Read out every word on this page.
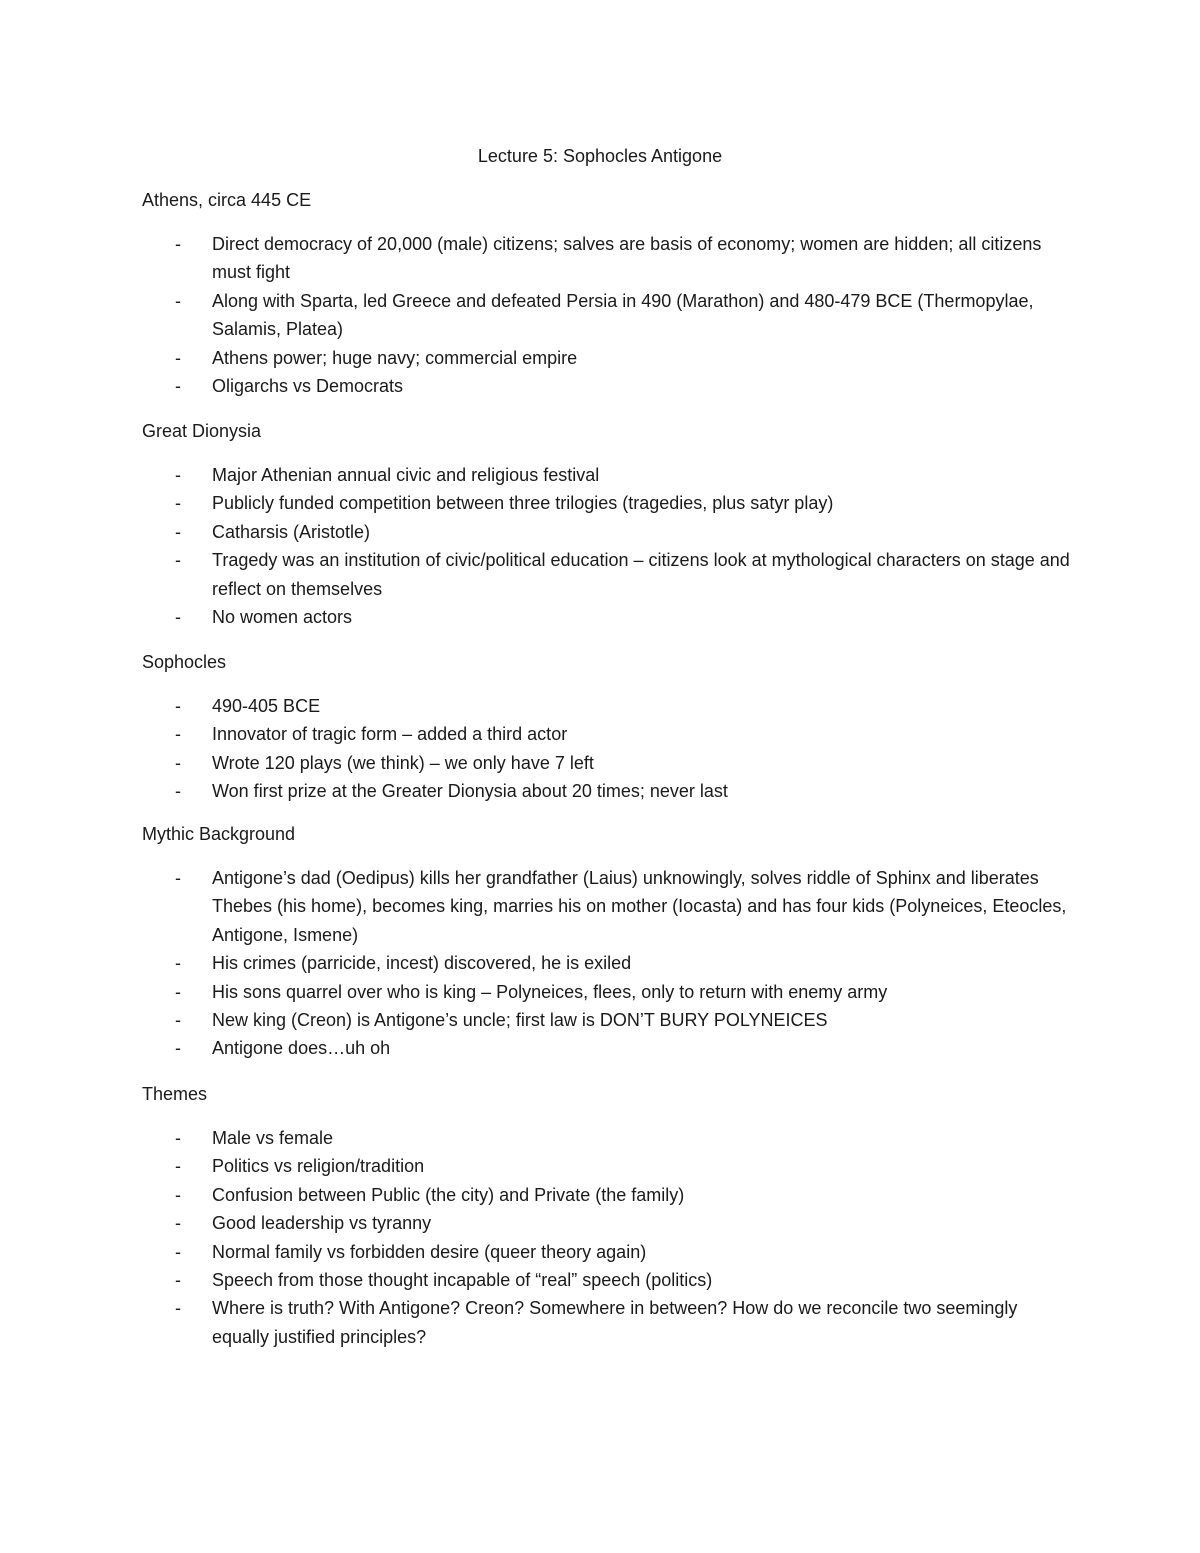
Lecture 5: Sophocles Antigone

Athens, circa 445 CE

- Direct democracy of 20,000 (male) citizens; salves are basis of economy; women are hidden; all citizens must fight
- Along with Sparta, led Greece and defeated Persia in 490 (Marathon) and 480-479 BCE (Thermopylae, Salamis, Platea)
- Athens power; huge navy; commercial empire
- Oligarchs vs Democrats

Great Dionysia

- Major Athenian annual civic and religious festival
- Publicly funded competition between three trilogies (tragedies, plus satyr play)
- Catharsis (Aristotle)
- Tragedy was an institution of civic/political education – citizens look at mythological characters on stage and reflect on themselves
- No women actors

Sophocles

- 490-405 BCE
- Innovator of tragic form – added a third actor
- Wrote 120 plays (we think) – we only have 7 left
- Won first prize at the Greater Dionysia about 20 times; never last

Mythic Background

- Antigone’s dad (Oedipus) kills her grandfather (Laius) unknowingly, solves riddle of Sphinx and liberates Thebes (his home), becomes king, marries his on mother (Iocasta) and has four kids (Polyneices, Eteocles, Antigone, Ismene)
- His crimes (parricide, incest) discovered, he is exiled
- His sons quarrel over who is king – Polyneices, flees, only to return with enemy army
- New king (Creon) is Antigone’s uncle; first law is DON’T BURY POLYNEICES
- Antigone does…uh oh

Themes

- Male vs female
- Politics vs religion/tradition
- Confusion between Public (the city) and Private (the family)
- Good leadership vs tyranny
- Normal family vs forbidden desire (queer theory again)
- Speech from those thought incapable of “real” speech (politics)
- Where is truth? With Antigone? Creon? Somewhere in between? How do we reconcile two seemingly equally justified principles?
